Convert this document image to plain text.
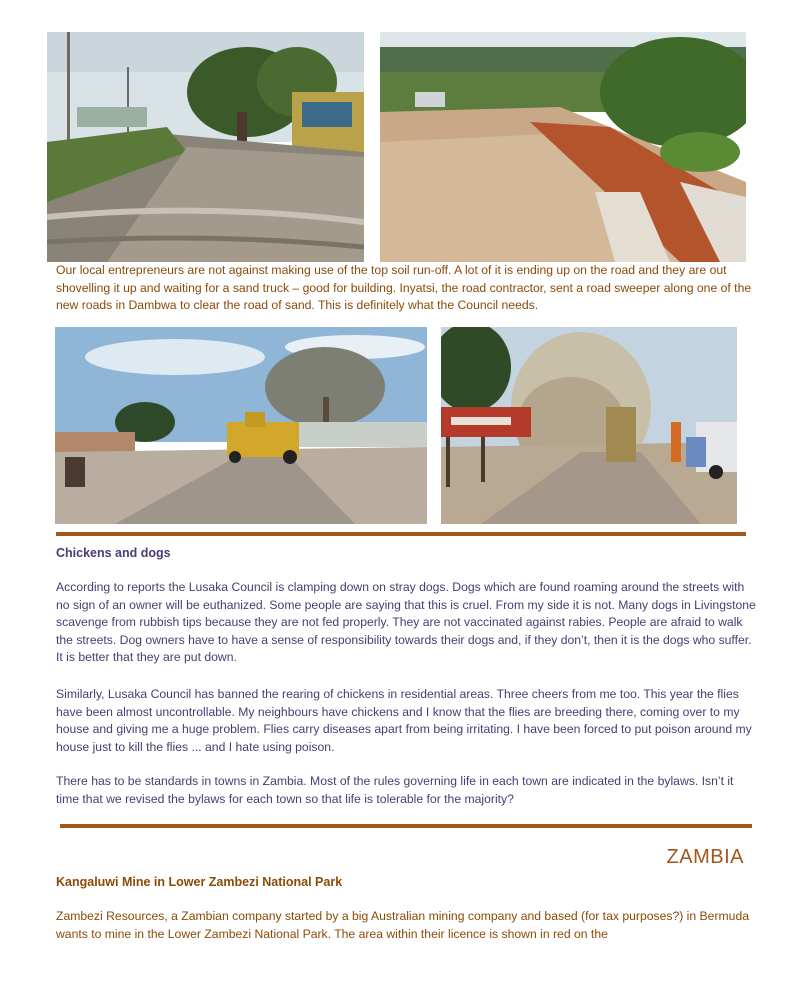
Our local entrepreneurs are not against making use of the top soil run-off. A lot of it is ending up on the road and they are out shovelling it up and waiting for a sand truck – good for building. Inyatsi, the road contractor, sent a road sweeper along one of the new roads in Dambwa to clear the road of sand. This is definitely what the Council needs.

Chickens and dogs

According to reports the Lusaka Council is clamping down on stray dogs. Dogs which are found roaming around the streets with no sign of an owner will be euthanized. Some people are saying that this is cruel. From my side it is not. Many dogs in Livingstone scavenge from rubbish tips because they are not fed properly. They are not vaccinated against rabies. People are afraid to walk the streets. Dog owners have to have a sense of responsibility towards their dogs and, if they don’t, then it is the dogs who suffer. It is better that they are put down.

Similarly, Lusaka Council has banned the rearing of chickens in residential areas. Three cheers from me too. This year the flies have been almost uncontrollable. My neighbours have chickens and I know that the flies are breeding there, coming over to my house and giving me a huge problem. Flies carry diseases apart from being irritating. I have been forced to put poison around my house just to kill the flies ... and I hate using poison.

There has to be standards in towns in Zambia. Most of the rules governing life in each town are indicated in the bylaws. Isn’t it time that we revised the bylaws for each town so that life is tolerable for the majority?

ZAMBIA

Kangaluwi Mine in Lower Zambezi National Park

Zambezi Resources, a Zambian company started by a big Australian mining company and based (for tax purposes?) in Bermuda wants to mine in the Lower Zambezi National Park. The area within their licence is shown in red on the
